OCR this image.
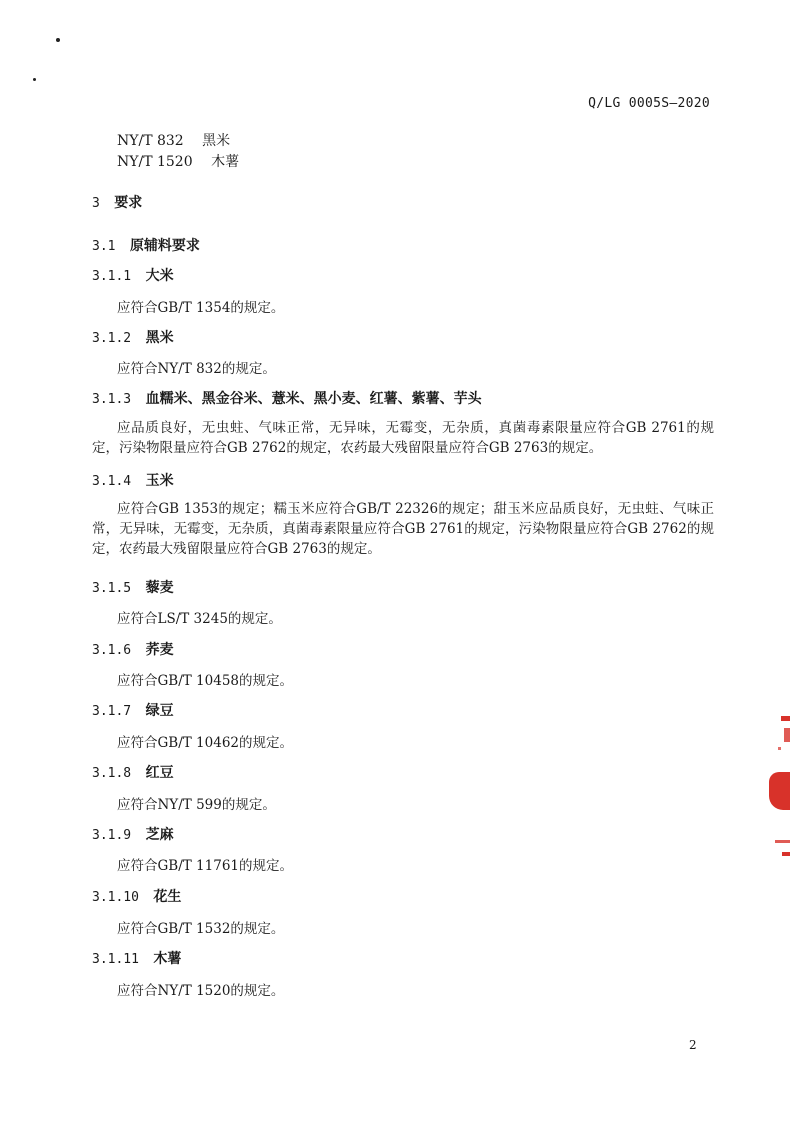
Q/LG 0005S—2020
NY/T 832 黑米
NY/T 1520 木薯
3 要求
3.1 原辅料要求
3.1.1 大米
应符合GB/T 1354的规定。
3.1.2 黑米
应符合NY/T 832的规定。
3.1.3 血糯米、黑金谷米、薏米、黑小麦、红薯、紫薯、芋头
应品质良好，无虫蛀、气味正常，无异味，无霉变，无杂质，真菌毒素限量应符合GB 2761的规定，污染物限量应符合GB 2762的规定，农药最大残留限量应符合GB 2763的规定。
3.1.4 玉米
应符合GB 1353的规定；糯玉米应符合GB/T 22326的规定；甜玉米应品质良好，无虫蛀、气味正常，无异味，无霉变，无杂质，真菌毒素限量应符合GB 2761的规定，污染物限量应符合GB 2762的规定，农药最大残留限量应符合GB 2763的规定。
3.1.5 藜麦
应符合LS/T 3245的规定。
3.1.6 荞麦
应符合GB/T 10458的规定。
3.1.7 绿豆
应符合GB/T 10462的规定。
3.1.8 红豆
应符合NY/T 599的规定。
3.1.9 芝麻
应符合GB/T 11761的规定。
3.1.10 花生
应符合GB/T 1532的规定。
3.1.11 木薯
应符合NY/T 1520的规定。
2
